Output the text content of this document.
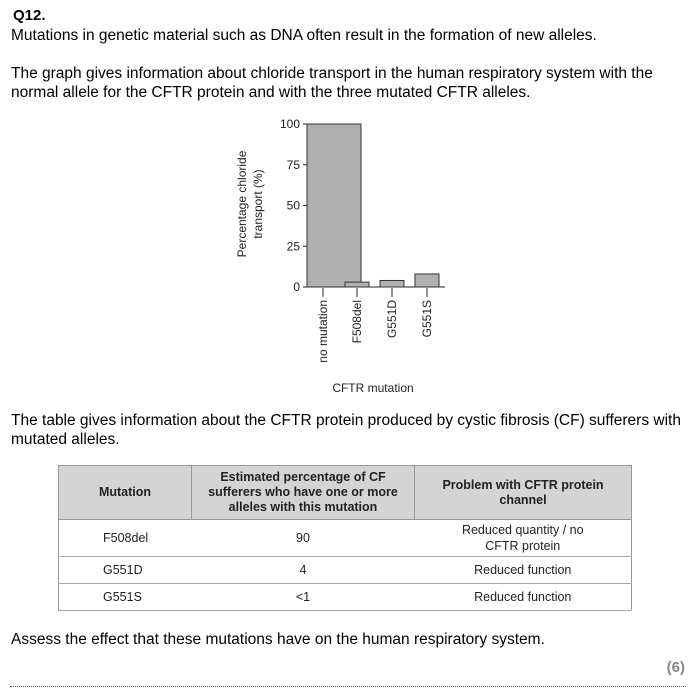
Q12.
Mutations in genetic material such as DNA often result in the formation of new alleles.
The graph gives information about chloride transport in the human respiratory system with the normal allele for the CFTR protein and with the three mutated CFTR alleles.
0
25
50
75
100
no mutation F508del G551D G551S
Percentage chloride transport (%)
CFTR mutation
The table gives information about the CFTR protein produced by cystic fibrosis (CF) sufferers with mutated alleles.
Mutation	Estimated percentage of CF sufferers who have one or more alleles with this mutation	Problem with CFTR protein channel
F508del	90	Reduced quantity / no CFTR protein
G551D	4	Reduced function
G551S	<1	Reduced function
Assess the effect that these mutations have on the human respiratory system.
(6)
